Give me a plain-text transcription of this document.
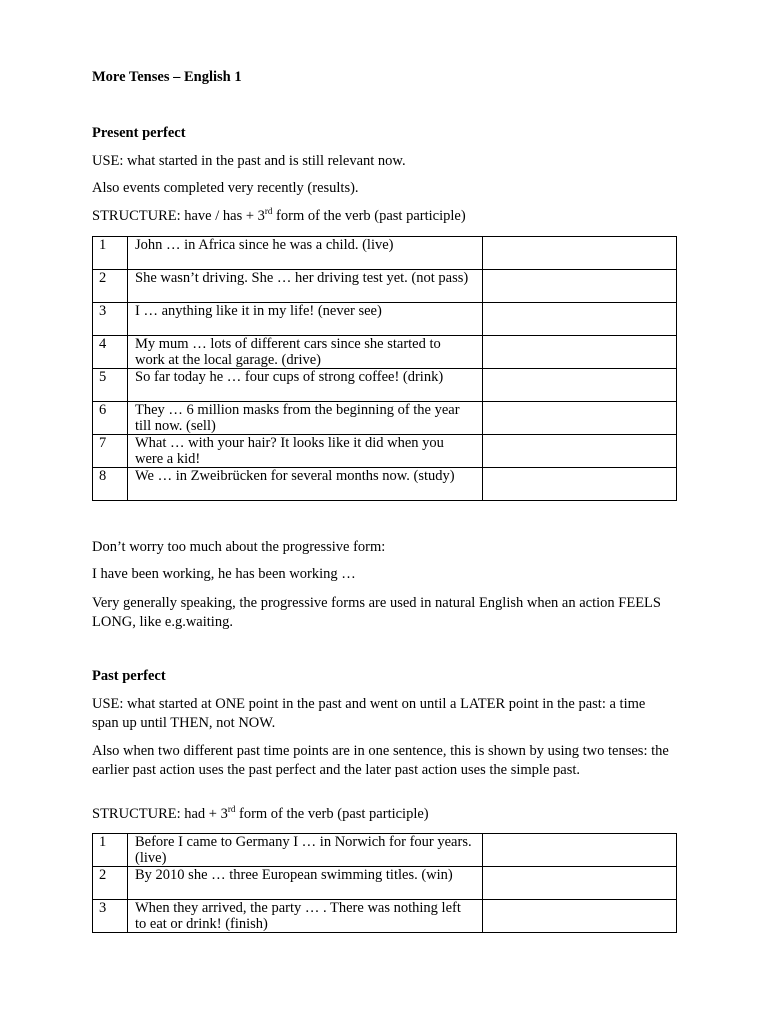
More Tenses – English 1

Present perfect

USE: what started in the past and is still relevant now.

Also events completed very recently (results).

STRUCTURE: have / has + 3rd form of the verb (past participle)

1	John … in Africa since he was a child. (live)	
2	She wasn’t driving. She … her driving test yet. (not pass)	
3	I … anything like it in my life! (never see)	
4	My mum … lots of different cars since she started to work at the local garage. (drive)	
5	So far today he … four cups of strong coffee! (drink)	
6	They … 6 million masks from the beginning of the year till now. (sell)	
7	What … with your hair? It looks like it did when you were a kid!	
8	We … in Zweibrücken for several months now. (study)	

Don’t worry too much about the progressive form:

I have been working, he has been working …

Very generally speaking, the progressive forms are used in natural English when an action FEELS LONG, like e.g.waiting.

Past perfect

USE: what started at ONE point in the past and went on until a LATER point in the past: a time span up until THEN, not NOW.

Also when two different past time points are in one sentence, this is shown by using two tenses: the earlier past action uses the past perfect and the later past action uses the simple past.

STRUCTURE: had + 3rd form of the verb (past participle)

1	Before I came to Germany I … in Norwich for four years. (live)	
2	By 2010 she … three European swimming titles. (win)	
3	When they arrived, the party … . There was nothing left to eat or drink! (finish)	
